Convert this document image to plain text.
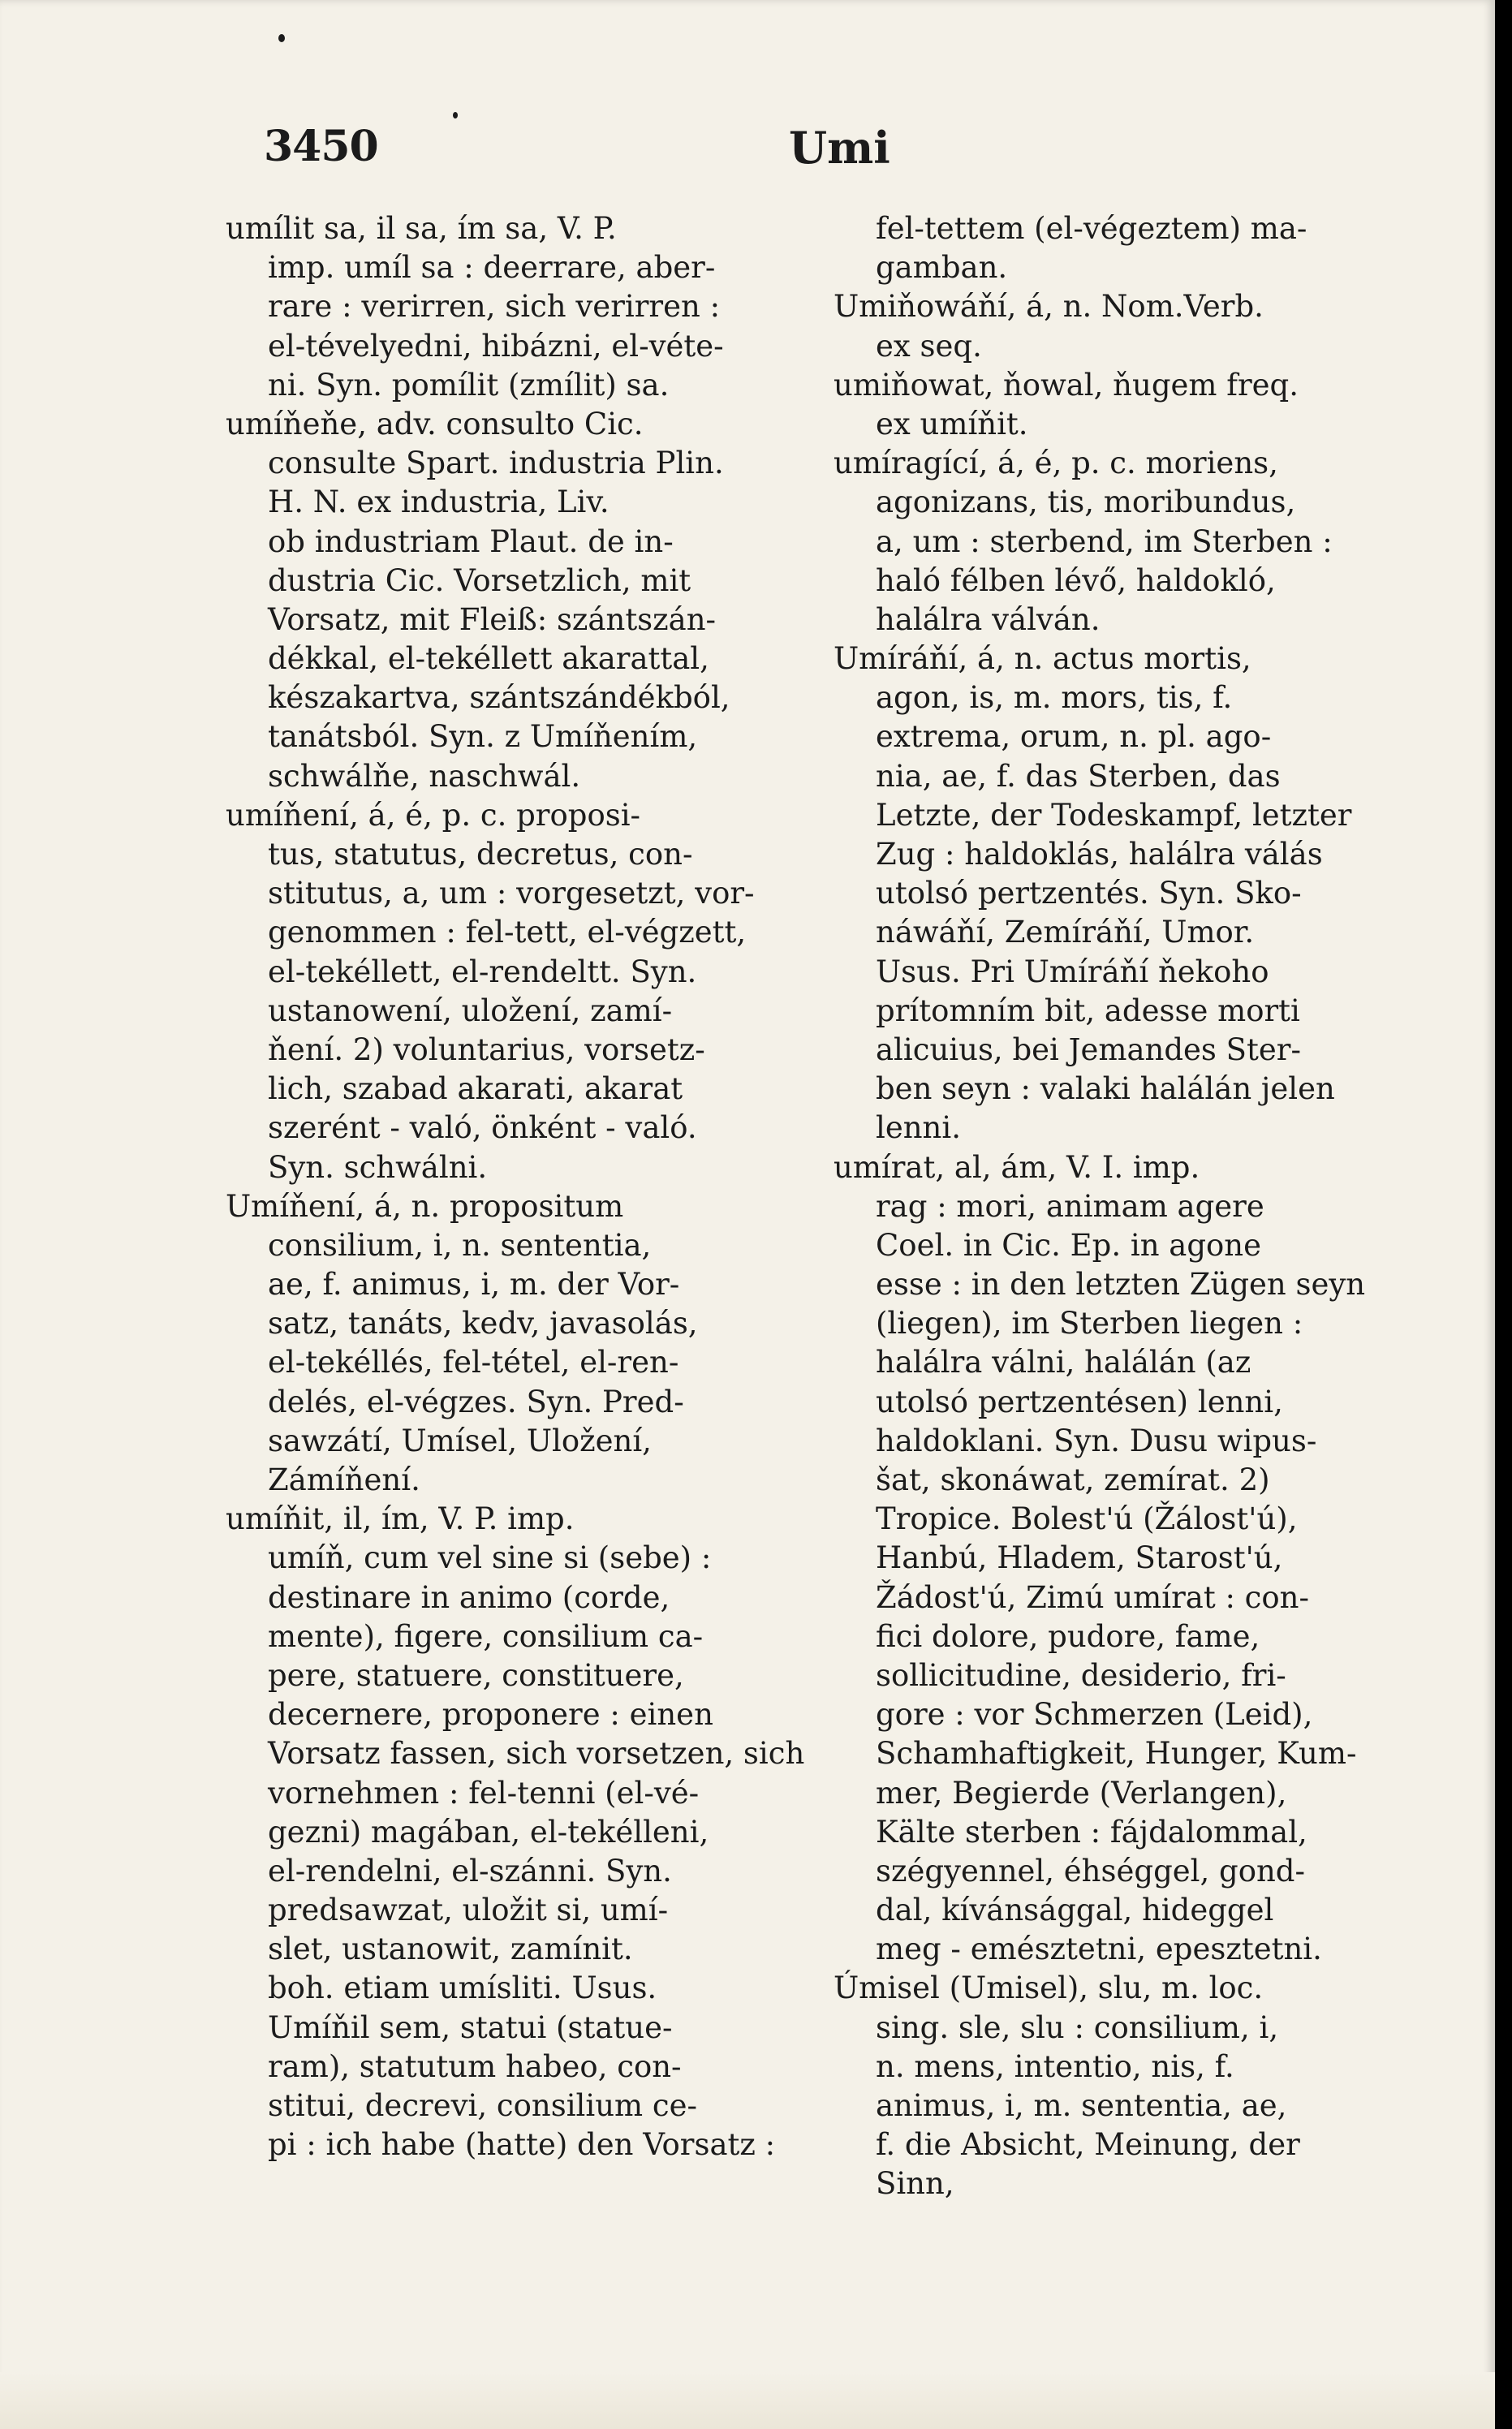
3450	Umi
umílit sa, il sa, ím sa, V. P.
imp. umíl sa : deerrare, aber-
rare : verirren, sich verirren :
el-tévelyedni, hibázni, el-véte-
ni. Syn. pomílit (zmílit) sa.
umíňeňe, adv. consulto Cic.
consulte Spart. industria Plin.
H. N. ex industria, Liv.
ob industriam Plaut. de in-
dustria Cic. Vorsetzlich, mit
Vorsatz, mit Fleiß: szántszán-
dékkal, el-tekéllett akarattal,
készakartva, szántszándékból,
tanátsból. Syn. z Umíňením,
schwálňe, naschwál.
umíňení, á, é, p. c. proposi-
tus, statutus, decretus, con-
stitutus, a, um : vorgesetzt, vor-
genommen : fel-tett, el-végzett,
el-tekéllett, el-rendeltt. Syn.
ustanowení, uložení, zamí-
ňení. 2) voluntarius, vorsetz-
lich, szabad akarati, akarat
szerént - való, önként - való.
Syn. schwálni.
Umíňení, á, n. propositum
consilium, i, n. sententia,
ae, f. animus, i, m. der Vor-
satz, tanáts, kedv, javasolás,
el-tekéllés, fel-tétel, el-ren-
delés, el-végzes. Syn. Pred-
sawzátí, Umísel, Uložení,
Zámíňení.
umíňit, il, ím, V. P. imp.
umíň, cum vel sine si (sebe) :
destinare in animo (corde,
mente), figere, consilium ca-
pere, statuere, constituere,
decernere, proponere : einen
Vorsatz fassen, sich vorsetzen, sich
vornehmen : fel-tenni (el-vé-
gezni) magában, el-tekélleni,
el-rendelni, el-szánni. Syn.
predsawzat, uložit si, umí-
slet, ustanowit, zamínit.
boh. etiam umísliti. Usus.
Umíňil sem, statui (statue-
ram), statutum habeo, con-
stitui, decrevi, consilium ce-
pi : ich habe (hatte) den Vorsatz :
fel-tettem (el-végeztem) ma-
gamban.
Umiňowáňí, á, n. Nom.Verb.
ex seq.
umiňowat, ňowal, ňugem freq.
ex umíňit.
umíragící, á, é, p. c. moriens,
agonizans, tis, moribundus,
a, um : sterbend, im Sterben :
haló félben lévő, haldokló,
halálra válván.
Umíráňí, á, n. actus mortis,
agon, is, m. mors, tis, f.
extrema, orum, n. pl. ago-
nia, ae, f. das Sterben, das
Letzte, der Todeskampf, letzter
Zug : haldoklás, halálra válás
utolsó pertzentés. Syn. Sko-
náwáňí, Zemíráňí, Umor.
Usus. Pri Umíráňí ňekoho
prítomním bit, adesse morti
alicuius, bei Jemandes Ster-
ben seyn : valaki halálán jelen
lenni.
umírat, al, ám, V. I. imp.
rag : mori, animam agere
Coel. in Cic. Ep. in agone
esse : in den letzten Zügen seyn
(liegen), im Sterben liegen :
halálra válni, halálán (az
utolsó pertzentésen) lenni,
haldoklani. Syn. Dusu wipus-
šat, skonáwat, zemírat. 2)
Tropice. Bolest'ú (Žálost'ú),
Hanbú, Hladem, Starost'ú,
Žádost'ú, Zimú umírat : con-
fici dolore, pudore, fame,
sollicitudine, desiderio, fri-
gore : vor Schmerzen (Leid),
Schamhaftigkeit, Hunger, Kum-
mer, Begierde (Verlangen),
Kälte sterben : fájdalommal,
szégyennel, éhséggel, gond-
dal, kívánsággal, hideggel
meg - emésztetni, epesztetni.
Úmisel (Umisel), slu, m. loc.
sing. sle, slu : consilium, i,
n. mens, intentio, nis, f.
animus, i, m. sententia, ae,
f. die Absicht, Meinung, der
Sinn,
